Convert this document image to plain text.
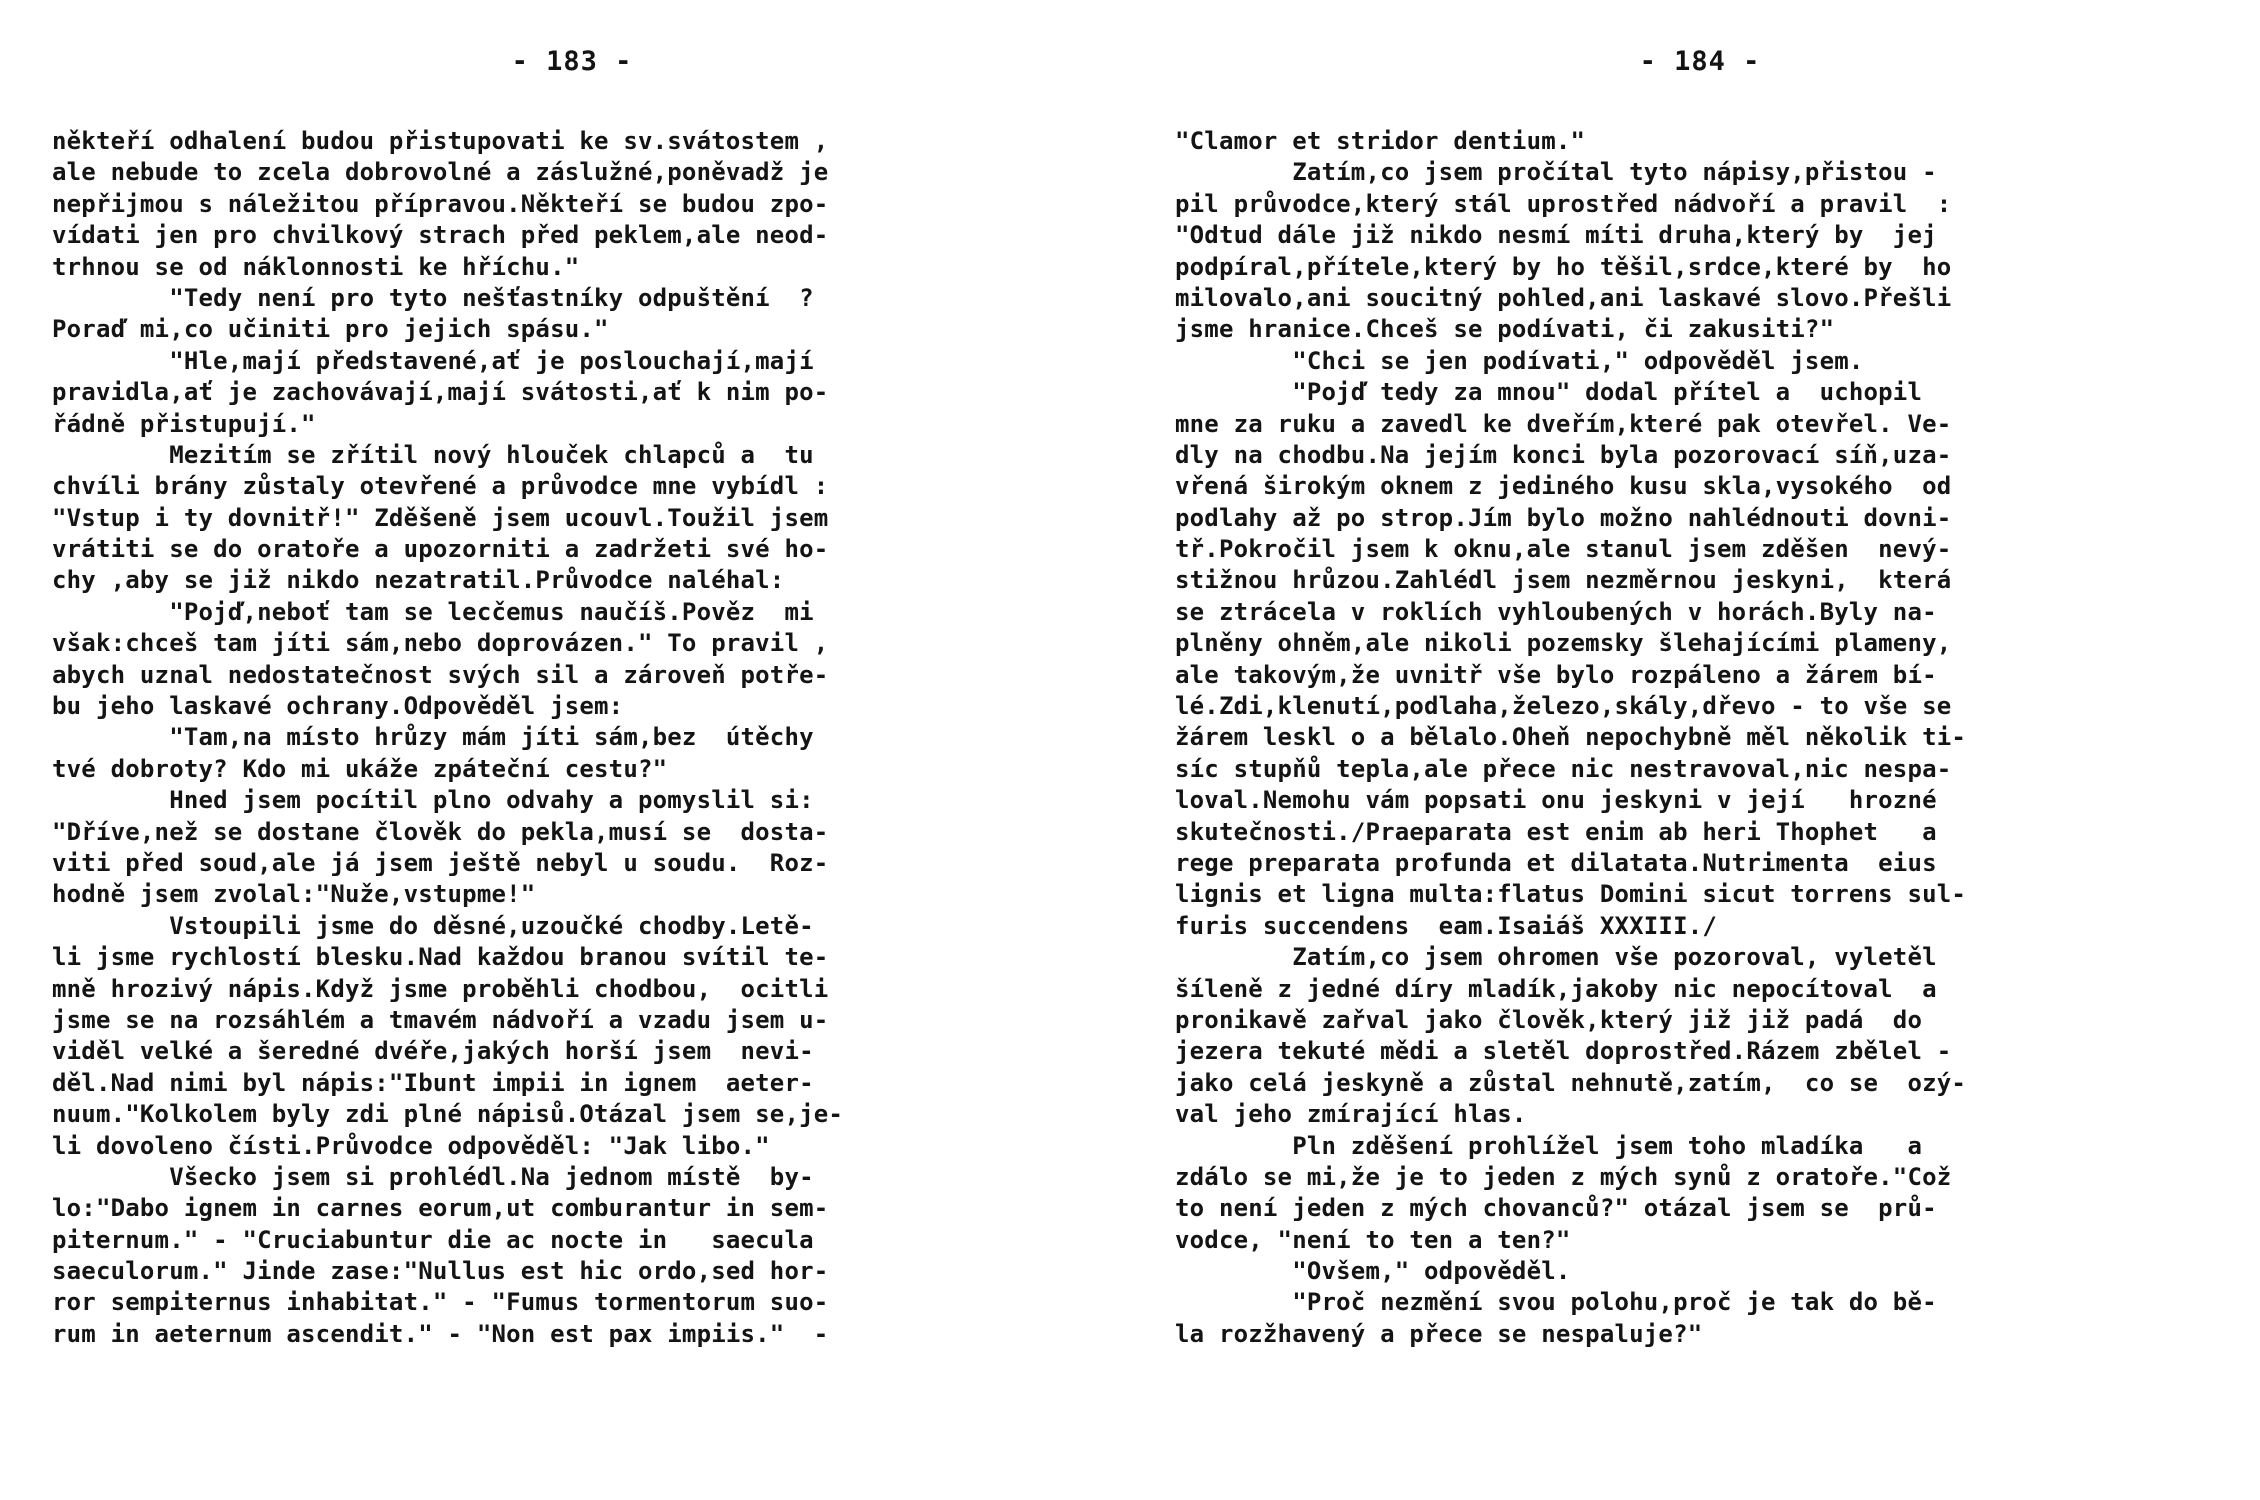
- 183 -
někteří odhalení budou přistupovati ke sv.svátostem ,
ale nebude to zcela dobrovolné a záslužné,poněvadž je
nepřijmou s náležitou přípravou.Někteří se budou zpo-
vídati jen pro chvilkový strach před peklem,ale neod-
trhnou se od náklonnosti ke hříchu."
"Tedy není pro tyto nešťastníky odpuštění  ?
Poraď mi,co učiniti pro jejich spásu."
"Hle,mají představené,ať je poslouchají,mají
pravidla,ať je zachovávají,mají svátosti,ať k nim po-
řádně přistupují."
Mezitím se zřítil nový hlouček chlapců a  tu
chvíli brány zůstaly otevřené a průvodce mne vybídl :
"Vstup i ty dovnitř!" Zděšeně jsem ucouvl.Toužil jsem
vrátiti se do oratoře a upozorniti a zadržeti své ho-
chy ,aby se již nikdo nezatratil.Průvodce naléhal:
"Pojď,neboť tam se lecčemus naučíš.Pověz  mi
však:chceš tam jíti sám,nebo doprovázen." To pravil ,
abych uznal nedostatečnost svých sil a zároveň potře-
bu jeho laskavé ochrany.Odpověděl jsem:
"Tam,na místo hrůzy mám jíti sám,bez  útěchy
tvé dobroty? Kdo mi ukáže zpáteční cestu?"
Hned jsem pocítil plno odvahy a pomyslil si:
"Dříve,než se dostane člověk do pekla,musí se  dosta-
viti před soud,ale já jsem ještě nebyl u soudu.  Roz-
hodně jsem zvolal:"Nuže,vstupme!"
Vstoupili jsme do děsné,uzoučké chodby.Letě-
li jsme rychlostí blesku.Nad každou branou svítil te-
mně hrozivý nápis.Když jsme proběhli chodbou,  ocitli
jsme se na rozsáhlém a tmavém nádvoří a vzadu jsem u-
viděl velké a šeredné dvéře,jakých horší jsem  nevi-
děl.Nad nimi byl nápis:"Ibunt impii in ignem  aeter-
nuum."Kolkolem byly zdi plné nápisů.Otázal jsem se,je-
li dovoleno čísti.Průvodce odpověděl: "Jak libo."
Všecko jsem si prohlédl.Na jednom místě  by-
lo:"Dabo ignem in carnes eorum,ut comburantur in sem-
piternum." - "Cruciabuntur die ac nocte in   saecula
saeculorum." Jinde zase:"Nullus est hic ordo,sed hor-
ror sempiternus inhabitat." - "Fumus tormentorum suo-
rum in aeternum ascendit." - "Non est pax impiis."  -
- 184 -
"Clamor et stridor dentium."
Zatím,co jsem pročítal tyto nápisy,přistou -
pil průvodce,který stál uprostřed nádvoří a pravil  :
"Odtud dále již nikdo nesmí míti druha,který by  jej
podpíral,přítele,který by ho těšil,srdce,které by  ho
milovalo,ani soucitný pohled,ani laskavé slovo.Přešli
jsme hranice.Chceš se podívati, či zakusiti?"
"Chci se jen podívati," odpověděl jsem.
"Pojď tedy za mnou" dodal přítel a  uchopil
mne za ruku a zavedl ke dveřím,které pak otevřel. Ve-
dly na chodbu.Na jejím konci byla pozorovací síň,uza-
vřená širokým oknem z jediného kusu skla,vysokého  od
podlahy až po strop.Jím bylo možno nahlédnouti dovni-
tř.Pokročil jsem k oknu,ale stanul jsem zděšen  nevý-
stižnou hrůzou.Zahlédl jsem nezměrnou jeskyni,  která
se ztrácela v roklích vyhloubených v horách.Byly na-
plněny ohněm,ale nikoli pozemsky šlehajícími plameny,
ale takovým,že uvnitř vše bylo rozpáleno a žárem bí-
lé.Zdi,klenutí,podlaha,železo,skály,dřevo - to vše se
žárem leskl o a bělalo.Oheň nepochybně měl několik ti-
síc stupňů tepla,ale přece nic nestravoval,nic nespa-
loval.Nemohu vám popsati onu jeskyni v její   hrozné
skutečnosti./Praeparata est enim ab heri Thophet   a
rege preparata profunda et dilatata.Nutrimenta  eius
lignis et ligna multa:flatus Domini sicut torrens sul-
furis succendens  eam.Isaiáš XXXIII./
Zatím,co jsem ohromen vše pozoroval, vyletěl
šíleně z jedné díry mladík,jakoby nic nepocítoval  a
pronikavě zařval jako člověk,který již již padá  do
jezera tekuté mědi a sletěl doprostřed.Rázem zbělel -
jako celá jeskyně a zůstal nehnutě,zatím,  co se  ozý-
val jeho zmírající hlas.
Pln zděšení prohlížel jsem toho mladíka   a
zdálo se mi,že je to jeden z mých synů z oratoře."Což
to není jeden z mých chovanců?" otázal jsem se  prů-
vodce, "není to ten a ten?"
"Ovšem," odpověděl.
"Proč nezmění svou polohu,proč je tak do bě-
la rozžhavený a přece se nespaluje?"
